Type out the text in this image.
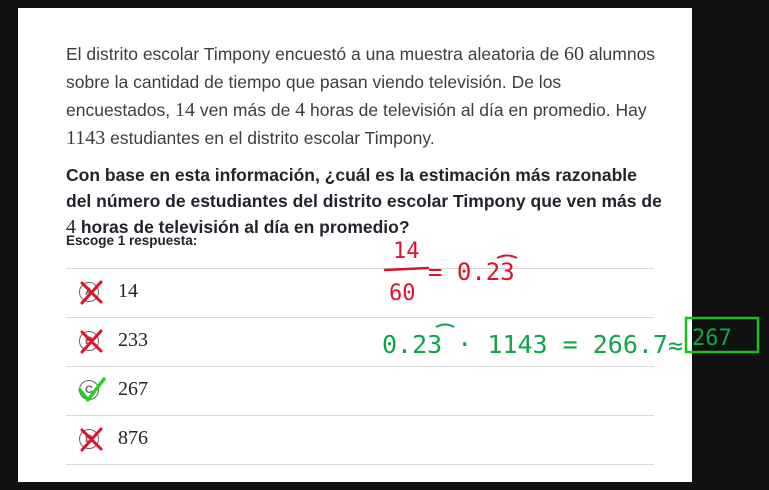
El distrito escolar Timpony encuestó a una muestra aleatoria de 60 alumnos sobre la cantidad de tiempo que pasan viendo televisión. De los encuestados, 14 ven más de 4 horas de televisión al día en promedio. Hay 1143 estudiantes en el distrito escolar Timpony.
Con base en esta información, ¿cuál es la estimación más razonable del número de estudiantes del distrito escolar Timpony que ven más de 4 horas de televisión al día en promedio?
Escoge 1 respuesta:
A	14
B	233
C	267
D	876
14
60
= 0.23
0.23 · 1143 = 266.7 ≈ 267
